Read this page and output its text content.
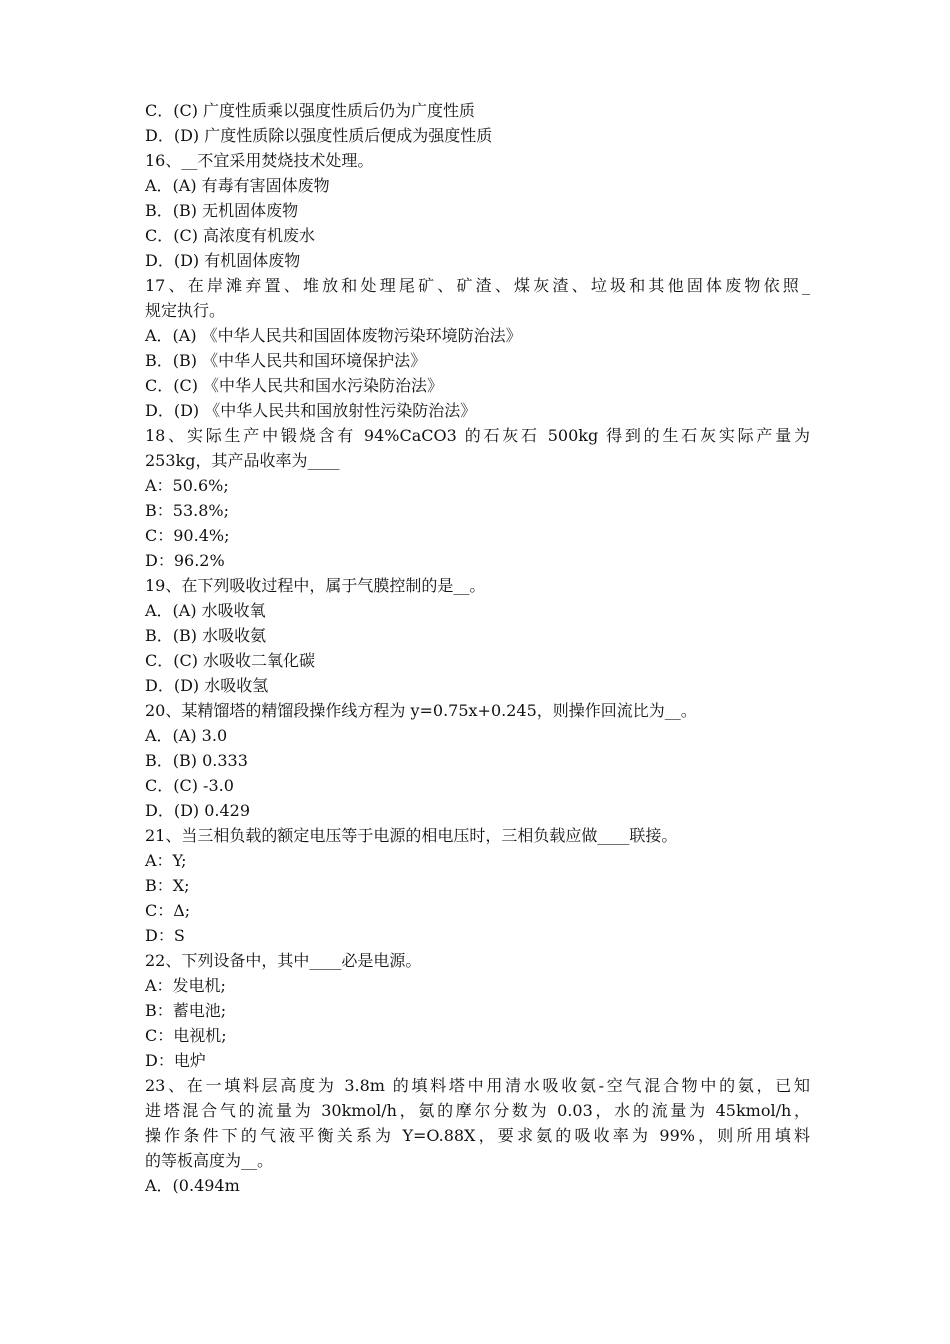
C．(C) 广度性质乘以强度性质后仍为广度性质
D．(D) 广度性质除以强度性质后便成为强度性质
16、__不宜采用焚烧技术处理。
A．(A) 有毒有害固体废物
B．(B) 无机固体废物
C．(C) 高浓度有机废水
D．(D) 有机固体废物
17、在岸滩弃置、堆放和处理尾矿、矿渣、煤灰渣、垃圾和其他固体废物依照_
规定执行。
A．(A) 《中华人民共和国固体废物污染环境防治法》
B．(B) 《中华人民共和国环境保护法》
C．(C) 《中华人民共和国水污染防治法》
D．(D) 《中华人民共和国放射性污染防治法》
18、实际生产中锻烧含有 94%CaCO3 的石灰石 500kg 得到的生石灰实际产量为
253kg，其产品收率为____
A：50.6%;
B：53.8%;
C：90.4%;
D：96.2%
19、在下列吸收过程中，属于气膜控制的是__。
A．(A) 水吸收氧
B．(B) 水吸收氨
C．(C) 水吸收二氧化碳
D．(D) 水吸收氢
20、某精馏塔的精馏段操作线方程为 y=0.75x+0.245，则操作回流比为__。
A．(A) 3.0
B．(B) 0.333
C．(C) -3.0
D．(D) 0.429
21、当三相负载的额定电压等于电源的相电压时，三相负载应做____联接。
A：Y;
B：X;
C：Δ;
D：S
22、下列设备中，其中____必是电源。
A：发电机;
B：蓄电池;
C：电视机;
D：电炉
23、在一填料层高度为 3.8m 的填料塔中用清水吸收氨-空气混合物中的氨，已知
进塔混合气的流量为 30kmol/h，氨的摩尔分数为 0.03，水的流量为 45kmol/h，
操作条件下的气液平衡关系为 Y=O.88X，要求氨的吸收率为 99%，则所用填料
的等板高度为__。
A．(0.494m
